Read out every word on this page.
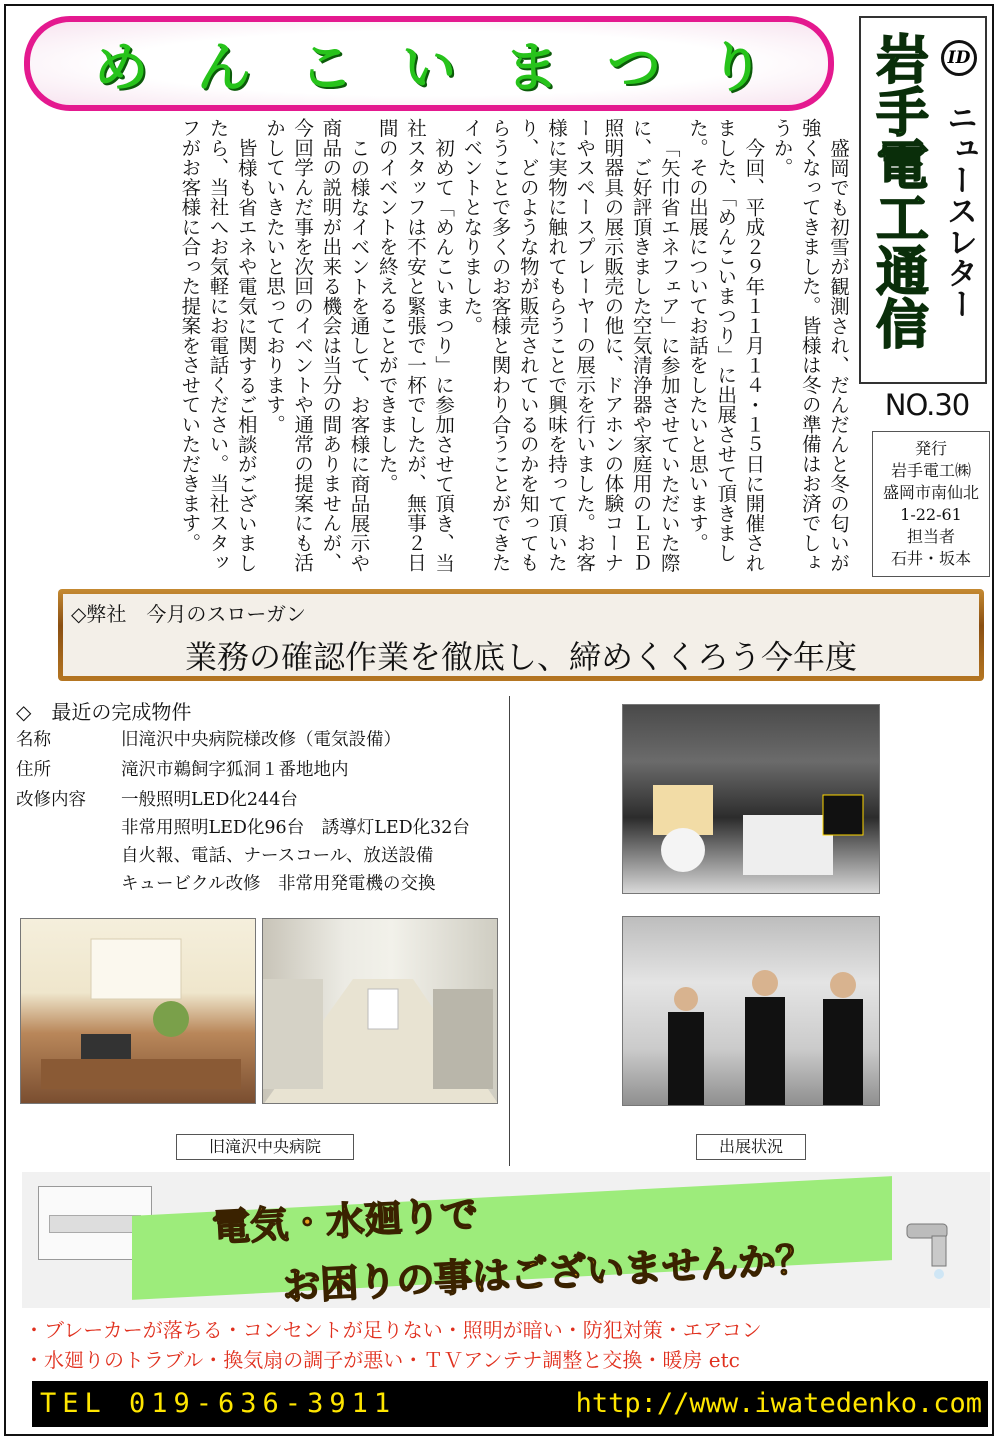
め ん こ い ま つ り	ID
岩手電工通信 ニュースレター
NO.30
発行
岩手電工㈱
盛岡市南仙北
1-22-61
担当者
石井・坂本

盛岡でも初雪が観測され、だんだんと冬の匂いが強くなってきました。皆様は冬の準備はお済でしょうか。

今回、平成２９年１１月１４・１５日に開催されました、「めんこいまつり」に出展させて頂きました。その出展についてお話をしたいと思います。

「矢巾省エネフェア」に参加させていただいた際に、ご好評頂きました空気清浄器や家庭用のＬＥＤ照明器具の展示販売の他に、ドアホンの体験コーナーやスペースプレーヤーの展示を行いました。お客様に実物に触れてもらうことで興味を持って頂いたり、どのような物が販売されているのかを知ってもらうことで多くのお客様と関わり合うことができたイベントとなりました。

初めて「めんこいまつり」に参加させて頂き、当社スタッフは不安と緊張で一杯でしたが、無事２日間のイベントを終えることができました。

この様なイベントを通して、お客様に商品展示や商品の説明が出来る機会は当分の間ありませんが、今回学んだ事を次回のイベントや通常の提案にも活かしていきたいと思っております。

皆様も省エネや電気に関するご相談がございましたら、当社へお気軽にお電話ください。当社スタッフがお客様に合った提案をさせていただきます。

◇弊社　今月のスローガン
業務の確認作業を徹底し、締めくくろう今年度
◇　最近の完成物件
名称	旧滝沢中央病院様改修（電気設備）
住所	滝沢市鵜飼字狐洞１番地地内
改修内容	一般照明LED化244台
非常用照明LED化96台　誘導灯LED化32台
自火報、電話、ナースコール、放送設備
キュービクル改修　非常用発電機の交換
旧滝沢中央病院	出展状況
電気・水廻りで
お困りの事はございませんか？
・ブレーカーが落ちる・コンセントが足りない・照明が暗い・防犯対策・エアコン
・水廻りのトラブル・換気扇の調子が悪い・ＴＶアンテナ調整と交換・暖房 etc
TEL 019-636-3911	http://www.iwatedenko.com
